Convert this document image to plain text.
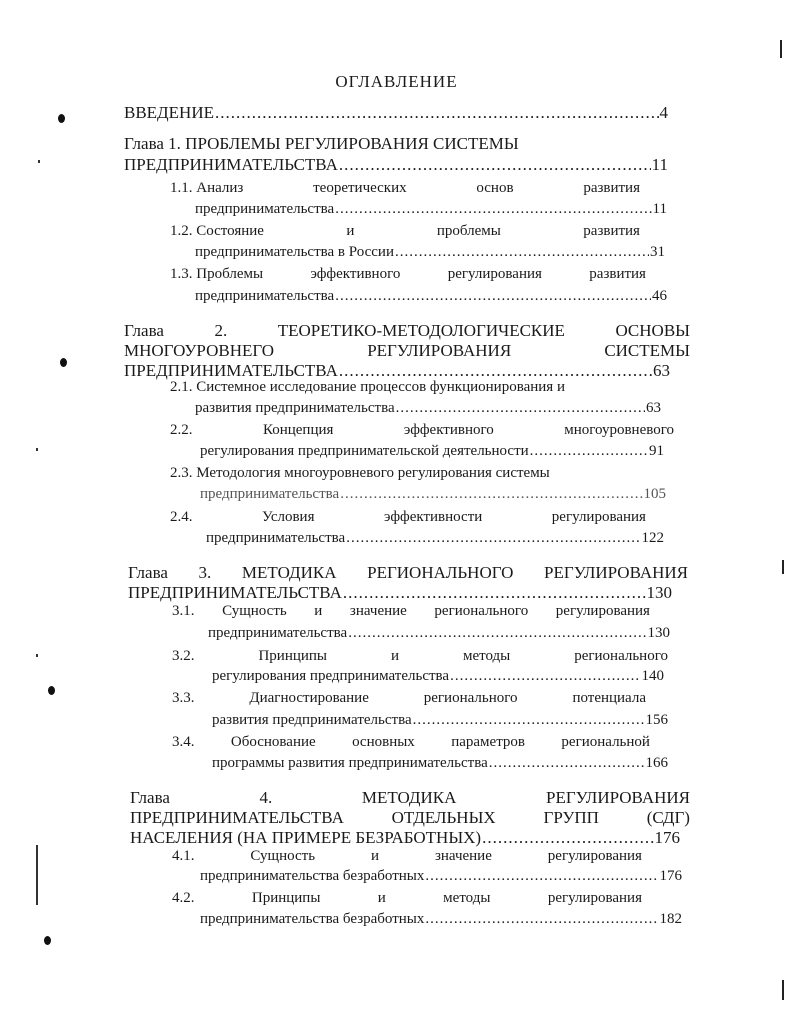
ОГЛАВЛЕНИЕ
ВВЕДЕНИЕ .....	4
Глава 1. ПРОБЛЕМЫ РЕГУЛИРОВАНИЯ СИСТЕМЫ
ПРЕДПРИНИМАТЕЛЬСТВА .....	11
1.1. Анализ	теоретических	основ	развития
предпринимательства .....	11
1.2. Состояние	и	проблемы	развития
предпринимательства в России .....	31
1.3. Проблемы	эффективного	регулирования	развития
предпринимательства .....	46
Глава	2.	ТЕОРЕТИКО-МЕТОДОЛОГИЧЕСКИЕ	ОСНОВЫ
МНОГОУРОВНЕГО	РЕГУЛИРОВАНИЯ	СИСТЕМЫ
ПРЕДПРИНИМАТЕЛЬСТВА .....	63
2.1. Системное исследование процессов функционирования и
развития предпринимательства .....	63
2.2.	Концепция	эффективного	многоуровневого
регулирования предпринимательской деятельности .....	91
2.3. Методология многоуровневого регулирования системы
предпринимательства .....	105
2.4.	Условия	эффективности	регулирования
предпринимательства .....	122
Глава 3. МЕТОДИКА РЕГИОНАЛЬНОГО РЕГУЛИРОВАНИЯ
ПРЕДПРИНИМАТЕЛЬСТВА .....	130
3.1. Сущность и значение регионального регулирования
предпринимательства .....	130
3.2.	Принципы	и	методы	регионального
регулирования предпринимательства .....	140
3.3.	Диагностирование	регионального	потенциала
развития предпринимательства .....	156
3.4. Обоснование основных параметров региональной
программы развития предпринимательства .....	166
Глава	4.	МЕТОДИКА	РЕГУЛИРОВАНИЯ
ПРЕДПРИНИМАТЕЛЬСТВА	ОТДЕЛЬНЫХ	ГРУПП	(СДГ)
НАСЕЛЕНИЯ (НА ПРИМЕРЕ БЕЗРАБОТНЫХ) .....	176
4.1.	Сущность	и	значение	регулирования
предпринимательства безработных .....	176
4.2.	Принципы	и	методы	регулирования
предпринимательства безработных .....	182
